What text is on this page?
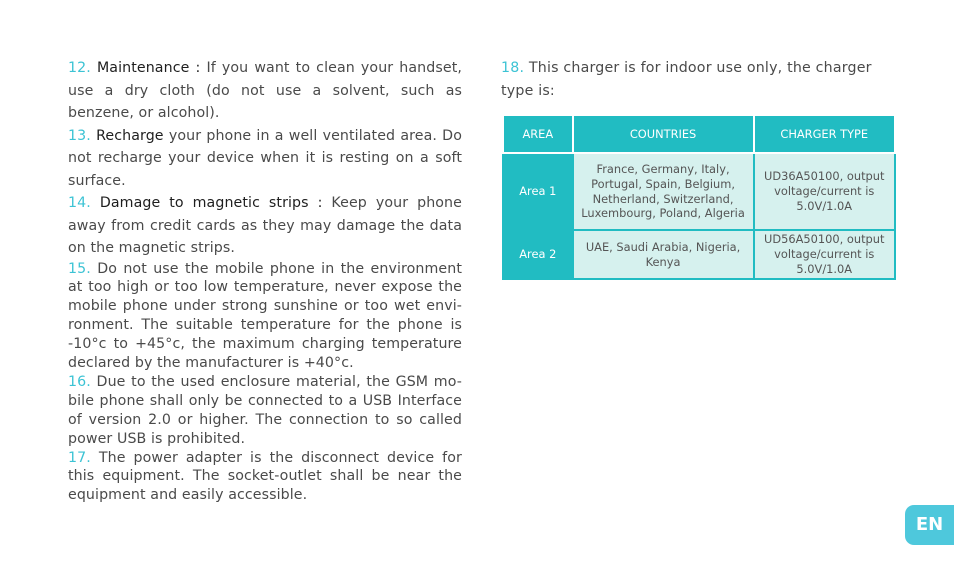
12. Maintenance : If you want to clean your handset, use a dry cloth (do not use a solvent, such as benzene, or alcohol).

13. Recharge your phone in a well ventilated area. Do not recharge your device when it is resting on a soft surface.

14. Damage to magnetic strips : Keep your phone away from credit cards as they may damage the data on the magnetic strips.

15. Do not use the mobile phone in the environment at too high or too low temperature, never expose the mobile phone under strong sunshine or too wet envi-ronment. The suitable temperature for the phone is -10°c to +45°c, the maximum charging temperature declared by the manufacturer is +40°c.

16. Due to the used enclosure material, the GSM mo-bile phone shall only be connected to a USB Interface of version 2.0 or higher. The connection to so called power USB is prohibited.

17. The power adapter is the disconnect device for this equipment. The socket-outlet shall be near the equipment and easily accessible.

18. This charger is for indoor use only, the charger type is:

AREA	COUNTRIES	CHARGER TYPE
Area 1	France, Germany, Italy, Portugal, Spain, Belgium, Netherland, Switzerland, Luxembourg, Poland, Algeria	UD36A50100, output voltage/current is 5.0V/1.0A
Area 2	UAE, Saudi Arabia, Nigeria, Kenya	UD56A50100, output voltage/current is 5.0V/1.0A
EN
